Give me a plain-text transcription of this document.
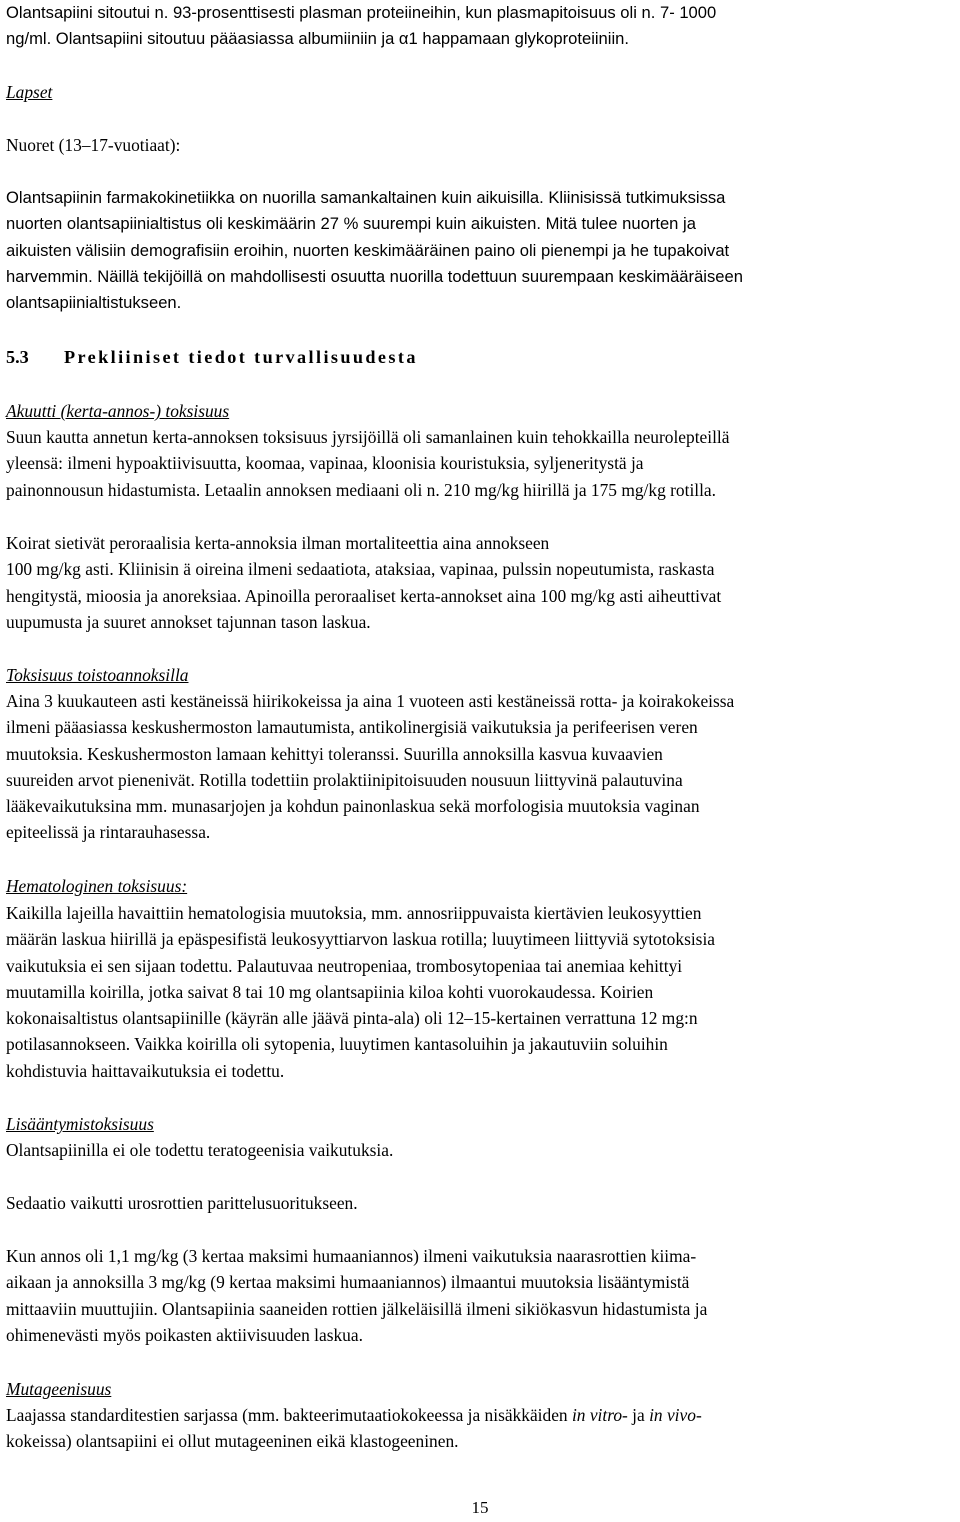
Olantsapiini sitoutui n. 93-prosenttisesti plasman proteiineihin, kun plasmapitoisuus oli n. 7- 1000
ng/ml. Olantsapiini sitoutuu pääasiassa albumiiniin ja α1 happamaan glykoproteiiniin.
Lapset
Nuoret (13–17-vuotiaat):
Olantsapiinin farmakokinetiikka on nuorilla samankaltainen kuin aikuisilla. Kliinisissä tutkimuksissa
nuorten olantsapiinialtistus oli keskimäärin 27 % suurempi kuin aikuisten. Mitä tulee nuorten ja
aikuisten välisiin demografisiin eroihin, nuorten keskimääräinen paino oli pienempi ja he tupakoivat
harvemmin. Näillä tekijöillä on mahdollisesti osuutta nuorilla todettuun suurempaan keskimääräiseen
olantsapiinialtistukseen.
5.3 Prekliiniset tiedot turvallisuudesta
Akuutti (kerta-annos-) toksisuus
Suun kautta annetun kerta-annoksen toksisuus jyrsijöillä oli samanlainen kuin tehokkailla neurolepteillä
yleensä: ilmeni hypoaktiivisuutta, koomaa, vapinaa, kloonisia kouristuksia, syljeneritystä ja
painonnousun hidastumista. Letaalin annoksen mediaani oli n. 210 mg/kg hiirillä ja 175 mg/kg rotilla.
Koirat sietivät peroraalisia kerta-annoksia ilman mortaliteettia aina annokseen
100 mg/kg asti. Kliinisin ä oireina ilmeni sedaatiota, ataksiaa, vapinaa, pulssin nopeutumista, raskasta
hengitystä, mioosia ja anoreksiaa. Apinoilla peroraaliset kerta-annokset aina 100 mg/kg asti aiheuttivat
uupumusta ja suuret annokset tajunnan tason laskua.
Toksisuus toistoannoksilla
Aina 3 kuukauteen asti kestäneissä hiirikokeissa ja aina 1 vuoteen asti kestäneissä rotta- ja koirakokeissa
ilmeni pääasiassa keskushermoston lamautumista, antikolinergisiä vaikutuksia ja perifeerisen veren
muutoksia. Keskushermoston lamaan kehittyi toleranssi. Suurilla annoksilla kasvua kuvaavien
suureiden arvot pienenivät. Rotilla todettiin prolaktiinipitoisuuden nousuun liittyvinä palautuvina
lääkevaikutuksina mm. munasarjojen ja kohdun painonlaskua sekä morfologisia muutoksia vaginan
epiteelissä ja rintarauhasessa.
Hematologinen toksisuus:
Kaikilla lajeilla havaittiin hematologisia muutoksia, mm. annosriippuvaista kiertävien leukosyyttien
määrän laskua hiirillä ja epäspesifistä leukosyyttiarvon laskua rotilla; luuytimeen liittyviä sytotoksisia
vaikutuksia ei sen sijaan todettu. Palautuvaa neutropeniaa, trombosytopeniaa tai anemiaa kehittyi
muutamilla koirilla, jotka saivat 8 tai 10 mg olantsapiinia kiloa kohti vuorokaudessa. Koirien
kokonaisaltistus olantsapiinille (käyrän alle jäävä pinta-ala) oli 12–15-kertainen verrattuna 12 mg:n
potilasannokseen. Vaikka koirilla oli sytopenia, luuytimen kantasoluihin ja jakautuviin soluihin
kohdistuvia haittavaikutuksia ei todettu.
Lisääntymistoksisuus
Olantsapiinilla ei ole todettu teratogeenisia vaikutuksia.
Sedaatio vaikutti urosrottien parittelusuoritukseen.
Kun annos oli 1,1 mg/kg (3 kertaa maksimi humaaniannos) ilmeni vaikutuksia naarasrottien kiima-
aikaan ja annoksilla 3 mg/kg (9 kertaa maksimi humaaniannos) ilmaantui muutoksia lisääntymistä
mittaaviin muuttujiin. Olantsapiinia saaneiden rottien jälkeläisillä ilmeni sikiökasvun hidastumista ja
ohimenevästi myös poikasten aktiivisuuden laskua.
Mutageenisuus
Laajassa standarditestien sarjassa (mm. bakteerimutaatiokokeessa ja nisäkkäiden in vitro- ja in vivo-
kokeissa) olantsapiini ei ollut mutageeninen eikä klastogeeninen.
15
